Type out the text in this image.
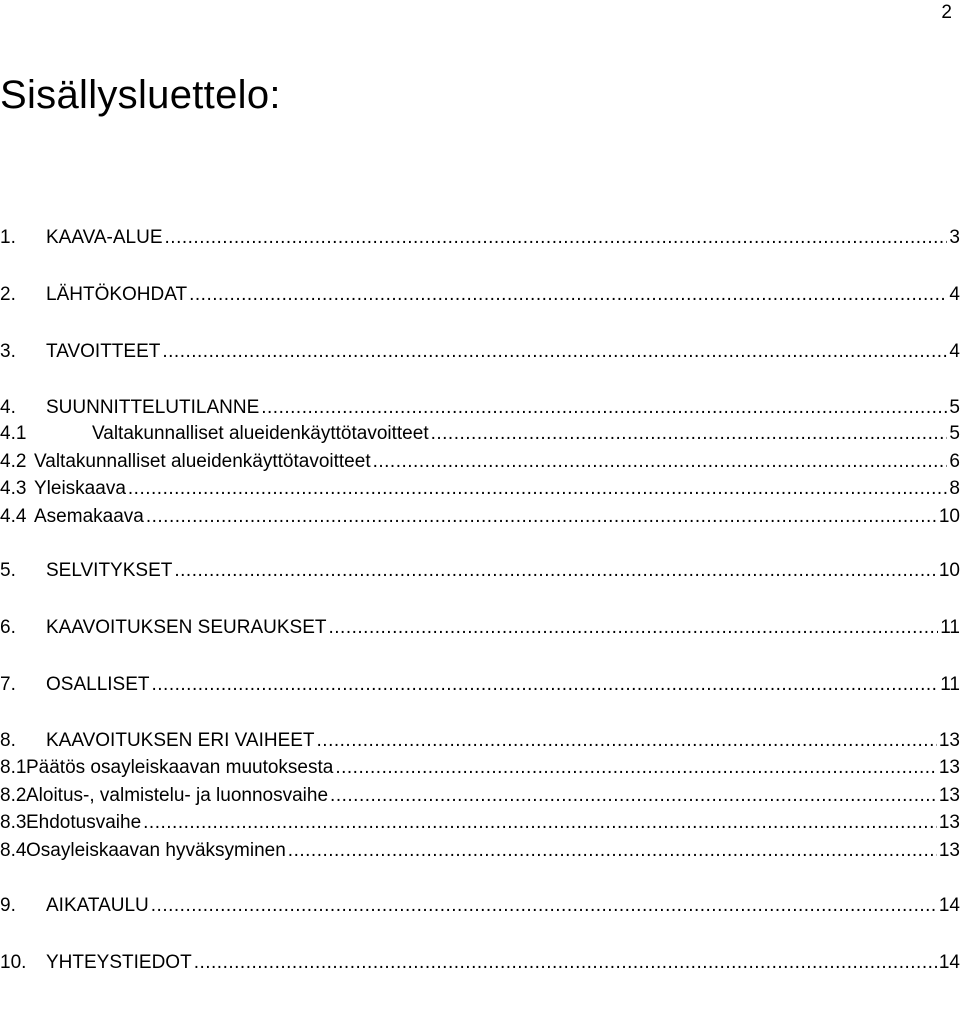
2
Sisällysluettelo:
1.	KAAVA-ALUE .....	3
2.	LÄHTÖKOHDAT .....	4
3.	TAVOITTEET .....	4
4.	SUUNNITTELUTILANNE .....	5
4.1	Valtakunnalliset alueidenkäyttötavoitteet .....	5
4.2 Valtakunnalliset alueidenkäyttötavoitteet .....	6
4.3 Yleiskaava .....	8
4.4 Asemakaava .....	10
5.	SELVITYKSET .....	10
6.	KAAVOITUKSEN SEURAUKSET .....	11
7.	OSALLISET .....	11
8.	KAAVOITUKSEN ERI VAIHEET .....	13
8.1 Päätös osayleiskaavan muutoksesta .....	13
8.2 Aloitus-, valmistelu- ja luonnosvaihe .....	13
8.3 Ehdotusvaihe .....	13
8.4 Osayleiskaavan hyväksyminen .....	13
9.	AIKATAULU .....	14
10.	YHTEYSTIEDOT .....	14
